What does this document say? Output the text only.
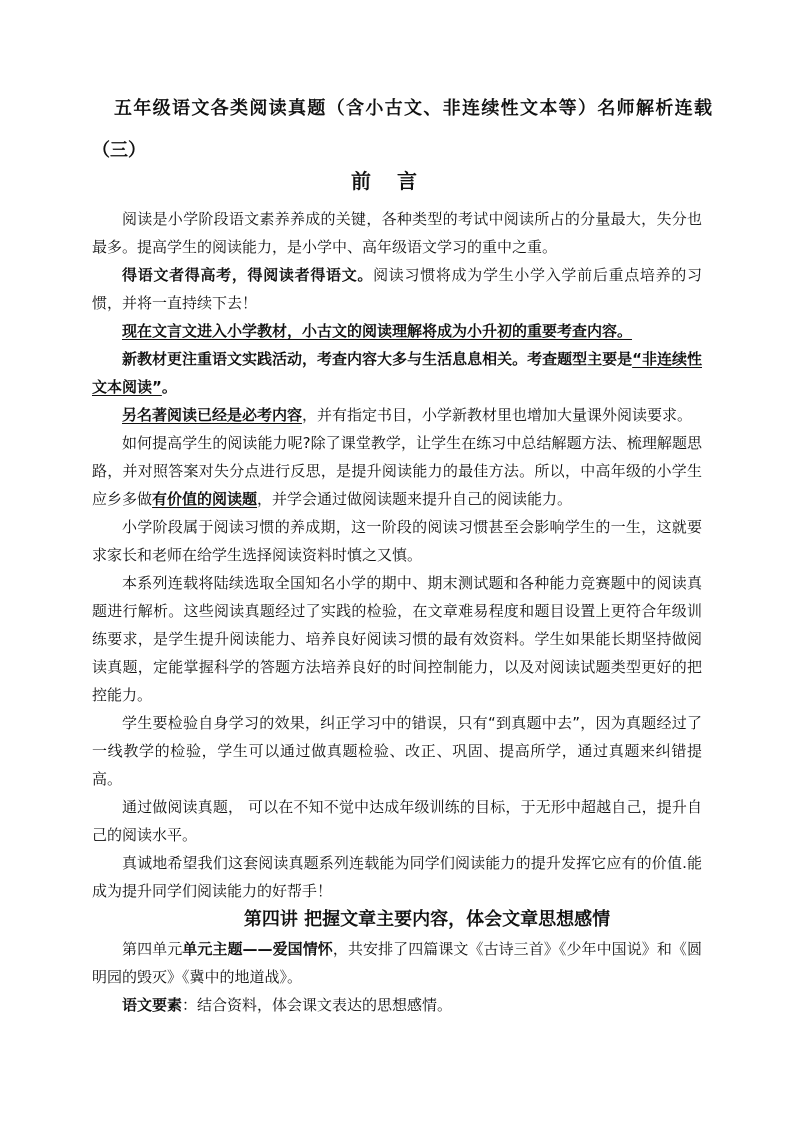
五年级语文各类阅读真题（含小古文、非连续性文本等）名师解析连载（三）
前言

阅读是小学阶段语文素养养成的关键，各种类型的考试中阅读所占的分量最大，失分也最多。提高学生的阅读能力，是小学中、高年级语文学习的重中之重。

得语文者得高考，得阅读者得语文。阅读习惯将成为学生小学入学前后重点培养的习惯，并将一直持续下去！

现在文言文进入小学教材，小古文的阅读理解将成为小升初的重要考查内容。

新教材更注重语文实践活动，考查内容大多与生活息息相关。考查题型主要是“非连续性文本阅读”。

另名著阅读已经是必考内容，并有指定书目，小学新教材里也增加大量课外阅读要求。

如何提高学生的阅读能力呢?除了课堂教学，让学生在练习中总结解题方法、梳理解题思路，并对照答案对失分点进行反思，是提升阅读能力的最佳方法。所以，中高年级的小学生应乡多做有价值的阅读题，并学会通过做阅读题来提升自己的阅读能力。

小学阶段属于阅读习惯的养成期，这一阶段的阅读习惯甚至会影响学生的一生，这就要求家长和老师在给学生选择阅读资料时慎之又慎。

本系列连载将陆续选取全国知名小学的期中、期末测试题和各种能力竞赛题中的阅读真题进行解析。这些阅读真题经过了实践的检验，在文章难易程度和题目设置上更符合年级训练要求，是学生提升阅读能力、培养良好阅读习惯的最有效资料。学生如果能长期坚持做阅读真题，定能掌握科学的答题方法培养良好的时间控制能力，以及对阅读试题类型更好的把控能力。

学生要检验自身学习的效果，纠正学习中的错误，只有“到真题中去”，因为真题经过了一线教学的检验，学生可以通过做真题检验、改正、巩固、提高所学，通过真题来纠错提高。

通过做阅读真题， 可以在不知不觉中达成年级训练的目标，于无形中超越自己，提升自己的阅读水平。

真诚地希望我们这套阅读真题系列连载能为同学们阅读能力的提升发挥它应有的价值.能成为提升同学们阅读能力的好帮手！

第四讲 把握文章主要内容，体会文章思想感情

第四单元单元主题——爱国情怀，共安排了四篇课文《古诗三首》《少年中国说》和《圆明园的毁灭》《冀中的地道战》。

语文要素：结合资料，体会课文表达的思想感情。
